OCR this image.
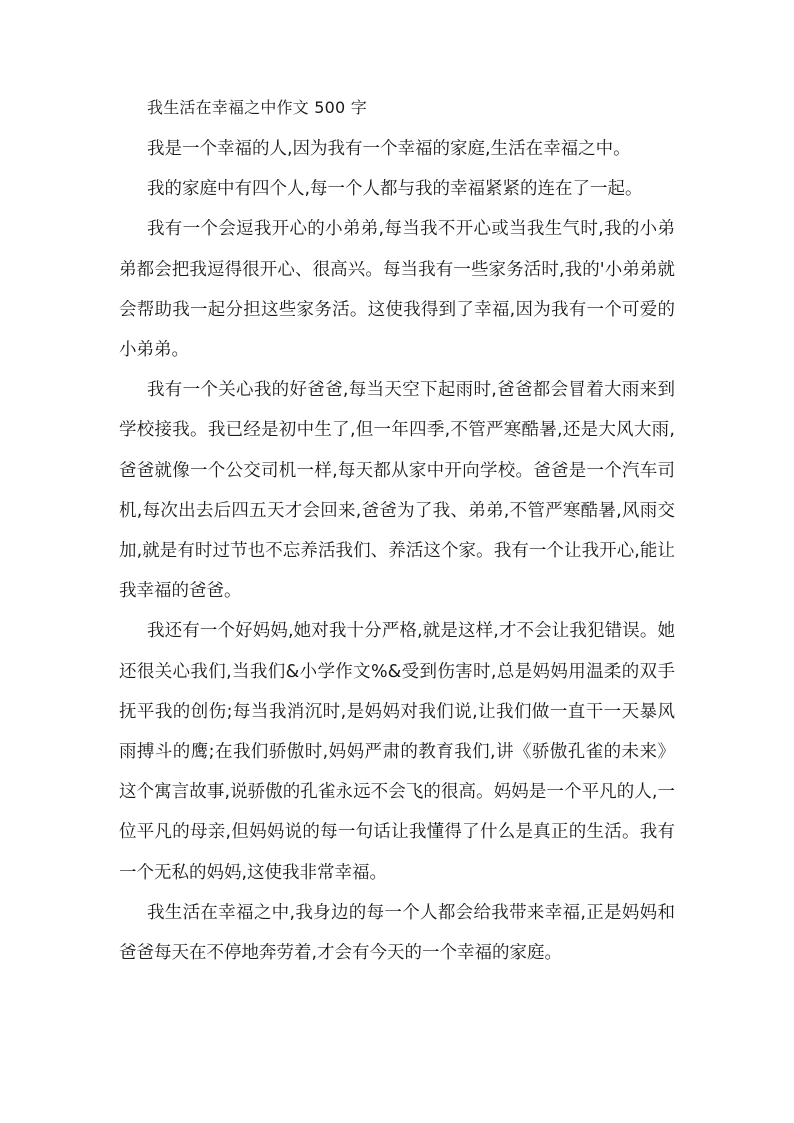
我生活在幸福之中作文 500 字

我是一个幸福的人,因为我有一个幸福的家庭,生活在幸福之中。

我的家庭中有四个人,每一个人都与我的幸福紧紧的连在了一起。

我有一个会逗我开心的小弟弟,每当我不开心或当我生气时,我的小弟弟都会把我逗得很开心、很高兴。每当我有一些家务活时,我的'小弟弟就会帮助我一起分担这些家务活。这使我得到了幸福,因为我有一个可爱的小弟弟。

我有一个关心我的好爸爸,每当天空下起雨时,爸爸都会冒着大雨来到学校接我。我已经是初中生了,但一年四季,不管严寒酷暑,还是大风大雨,爸爸就像一个公交司机一样,每天都从家中开向学校。爸爸是一个汽车司机,每次出去后四五天才会回来,爸爸为了我、弟弟,不管严寒酷暑,风雨交加,就是有时过节也不忘养活我们、养活这个家。我有一个让我开心,能让我幸福的爸爸。

我还有一个好妈妈,她对我十分严格,就是这样,才不会让我犯错误。她还很关心我们,当我们&小学作文%&受到伤害时,总是妈妈用温柔的双手抚平我的创伤;每当我消沉时,是妈妈对我们说,让我们做一直干一天暴风雨搏斗的鹰;在我们骄傲时,妈妈严肃的教育我们,讲《骄傲孔雀的未来》这个寓言故事,说骄傲的孔雀永远不会飞的很高。妈妈是一个平凡的人,一位平凡的母亲,但妈妈说的每一句话让我懂得了什么是真正的生活。我有一个无私的妈妈,这使我非常幸福。

我生活在幸福之中,我身边的每一个人都会给我带来幸福,正是妈妈和爸爸每天在不停地奔劳着,才会有今天的一个幸福的家庭。
